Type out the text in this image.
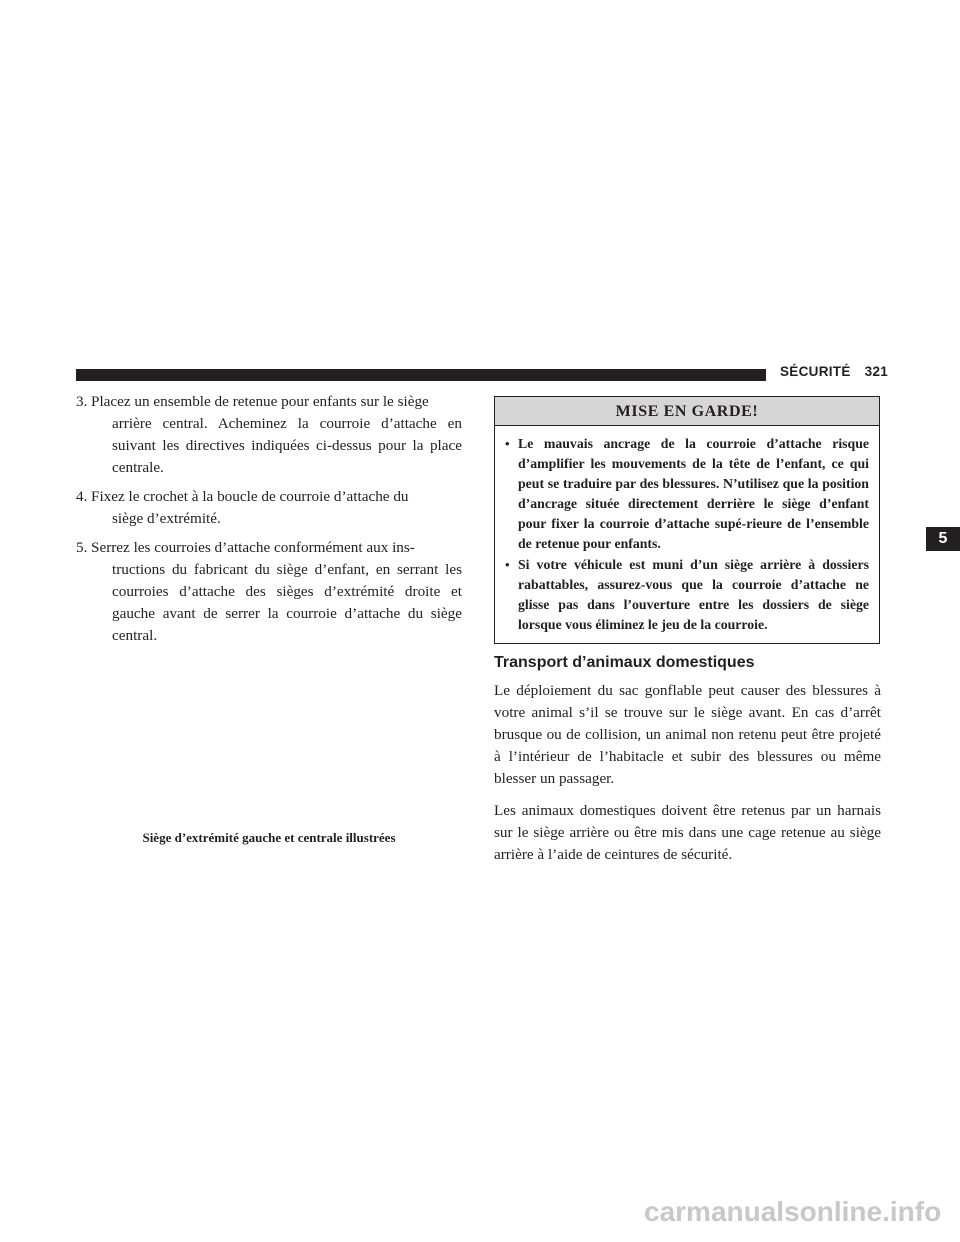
SÉCURITÉ 321
5
3. Placez un ensemble de retenue pour enfants sur le siège
arrière central. Acheminez la courroie d’attache en suivant les directives indiquées ci-dessus pour la place centrale.
4. Fixez le crochet à la boucle de courroie d’attache du
siège d’extrémité.
5. Serrez les courroies d’attache conformément aux ins-
tructions du fabricant du siège d’enfant, en serrant les courroies d’attache des sièges d’extrémité droite et gauche avant de serrer la courroie d’attache du siège central.
Siège d’extrémité gauche et centrale illustrées
MISE EN GARDE!
• Le mauvais ancrage de la courroie d’attache risque d’amplifier les mouvements de la tête de l’enfant, ce qui peut se traduire par des blessures. N’utilisez que la position d’ancrage située directement derrière le siège d’enfant pour fixer la courroie d’attache supé-rieure de l’ensemble de retenue pour enfants.
• Si votre véhicule est muni d’un siège arrière à dossiers rabattables, assurez-vous que la courroie d’attache ne glisse pas dans l’ouverture entre les dossiers de siège lorsque vous éliminez le jeu de la courroie.
Transport d’animaux domestiques

Le déploiement du sac gonflable peut causer des blessures à votre animal s’il se trouve sur le siège avant. En cas d’arrêt brusque ou de collision, un animal non retenu peut être projeté à l’intérieur de l’habitacle et subir des blessures ou même blesser un passager.

Les animaux domestiques doivent être retenus par un harnais sur le siège arrière ou être mis dans une cage retenue au siège arrière à l’aide de ceintures de sécurité.

carmanualsonline.info
